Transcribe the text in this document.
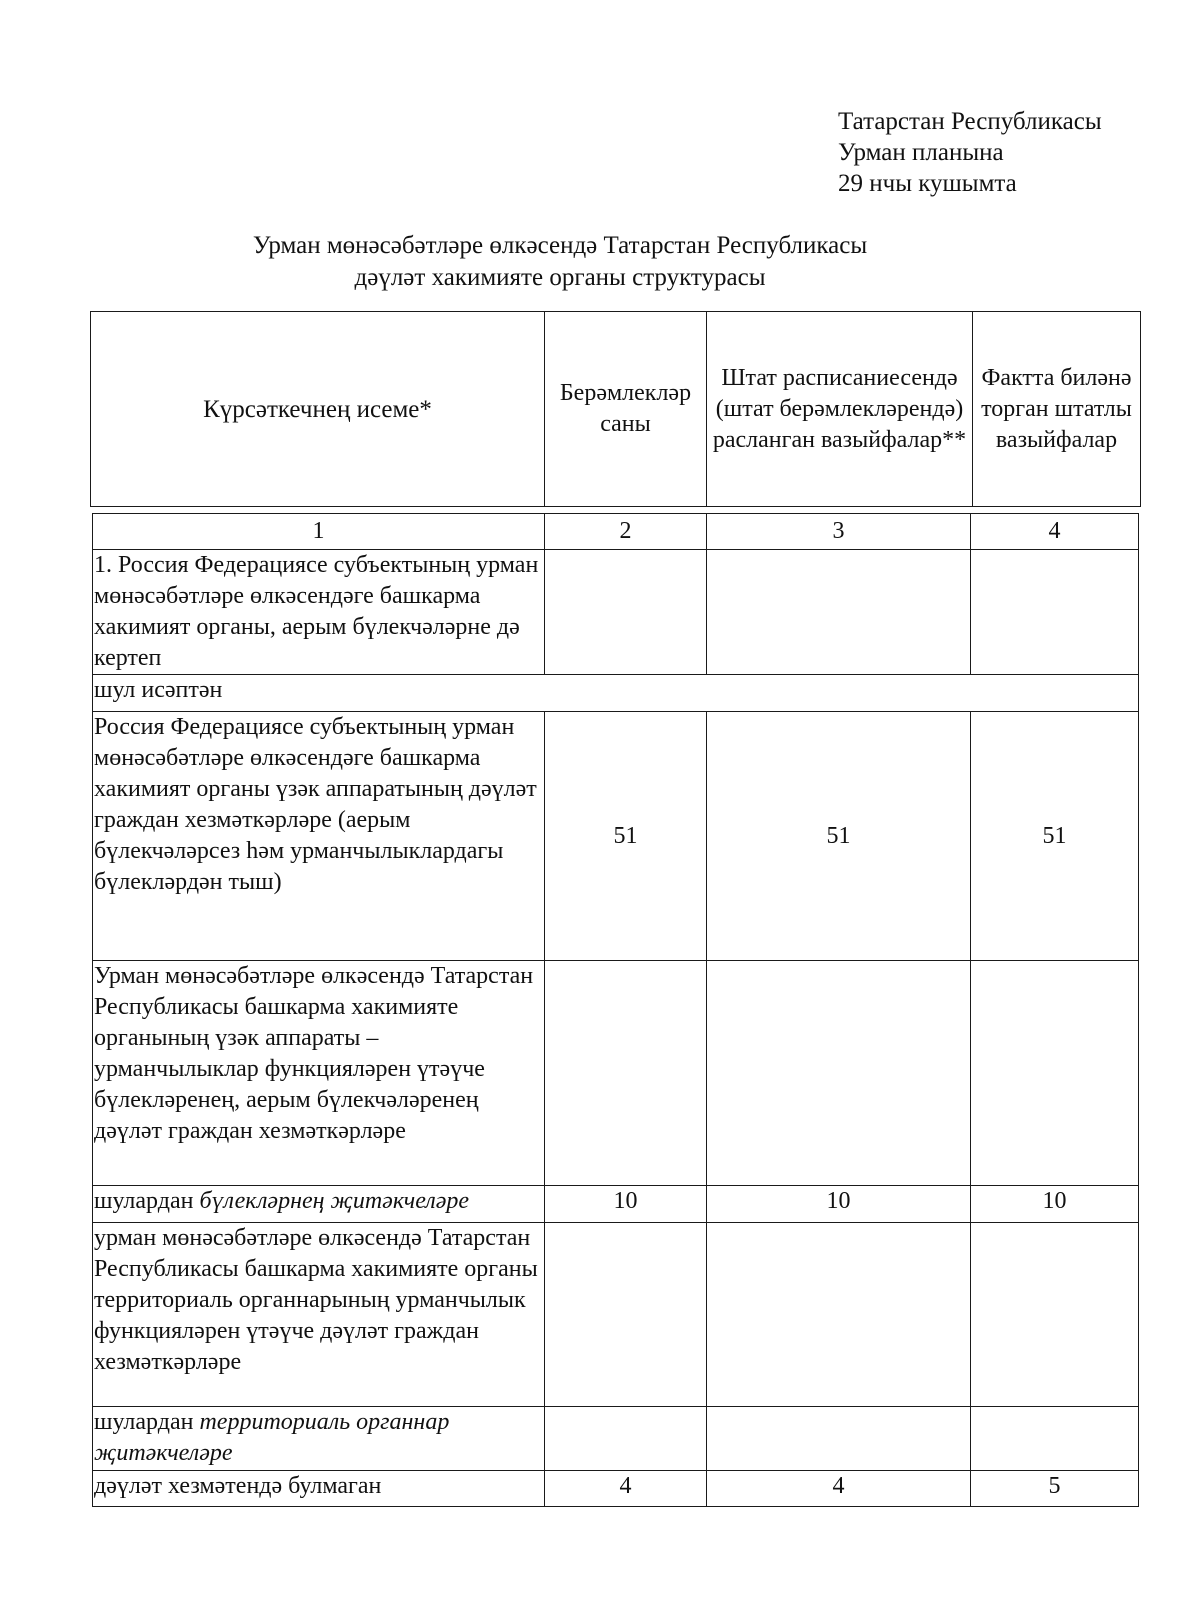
Татарстан Республикасы
Урман планына
29 нчы кушымта
Урман мөнәсәбәтләре өлкәсендә Татарстан Республикасы
дәүләт хакимияте органы структурасы
Күрсәткечнең исеме*	Берәмлекләр саны	Штат расписаниесендә (штат берәмлекләрендә) расланган вазыйфалар**	Фактта биләнә торган штатлы вазыйфалар
1	2	3	4
1. Россия Федерациясе субъектының урман мөнәсәбәтләре өлкәсендәге башкарма хакимият органы, аерым бүлекчәләрне дә кертеп			
шул исәптән			
Россия Федерациясе субъектының урман мөнәсәбәтләре өлкәсендәге башкарма хакимият органы үзәк аппаратының дәүләт граждан хезмәткәрләре (аерым бүлекчәләрсез һәм урманчылыклардагы бүлекләрдән тыш)	51	51	51
Урман мөнәсәбәтләре өлкәсендә Татарстан Республикасы башкарма хакимияте органының үзәк аппараты – урманчылыклар функцияләрен үтәүче бүлекләренең, аерым бүлекчәләренең дәүләт граждан хезмәткәрләре			
шулардан бүлекләрнең җитәкчеләре	10	10	10
урман мөнәсәбәтләре өлкәсендә Татарстан Республикасы башкарма хакимияте органы территориаль органнарының урманчылык функцияләрен үтәүче дәүләт граждан хезмәткәрләре			
шулардан территориаль органнар җитәкчеләре			
дәүләт хезмәтендә булмаган	4	4	5
